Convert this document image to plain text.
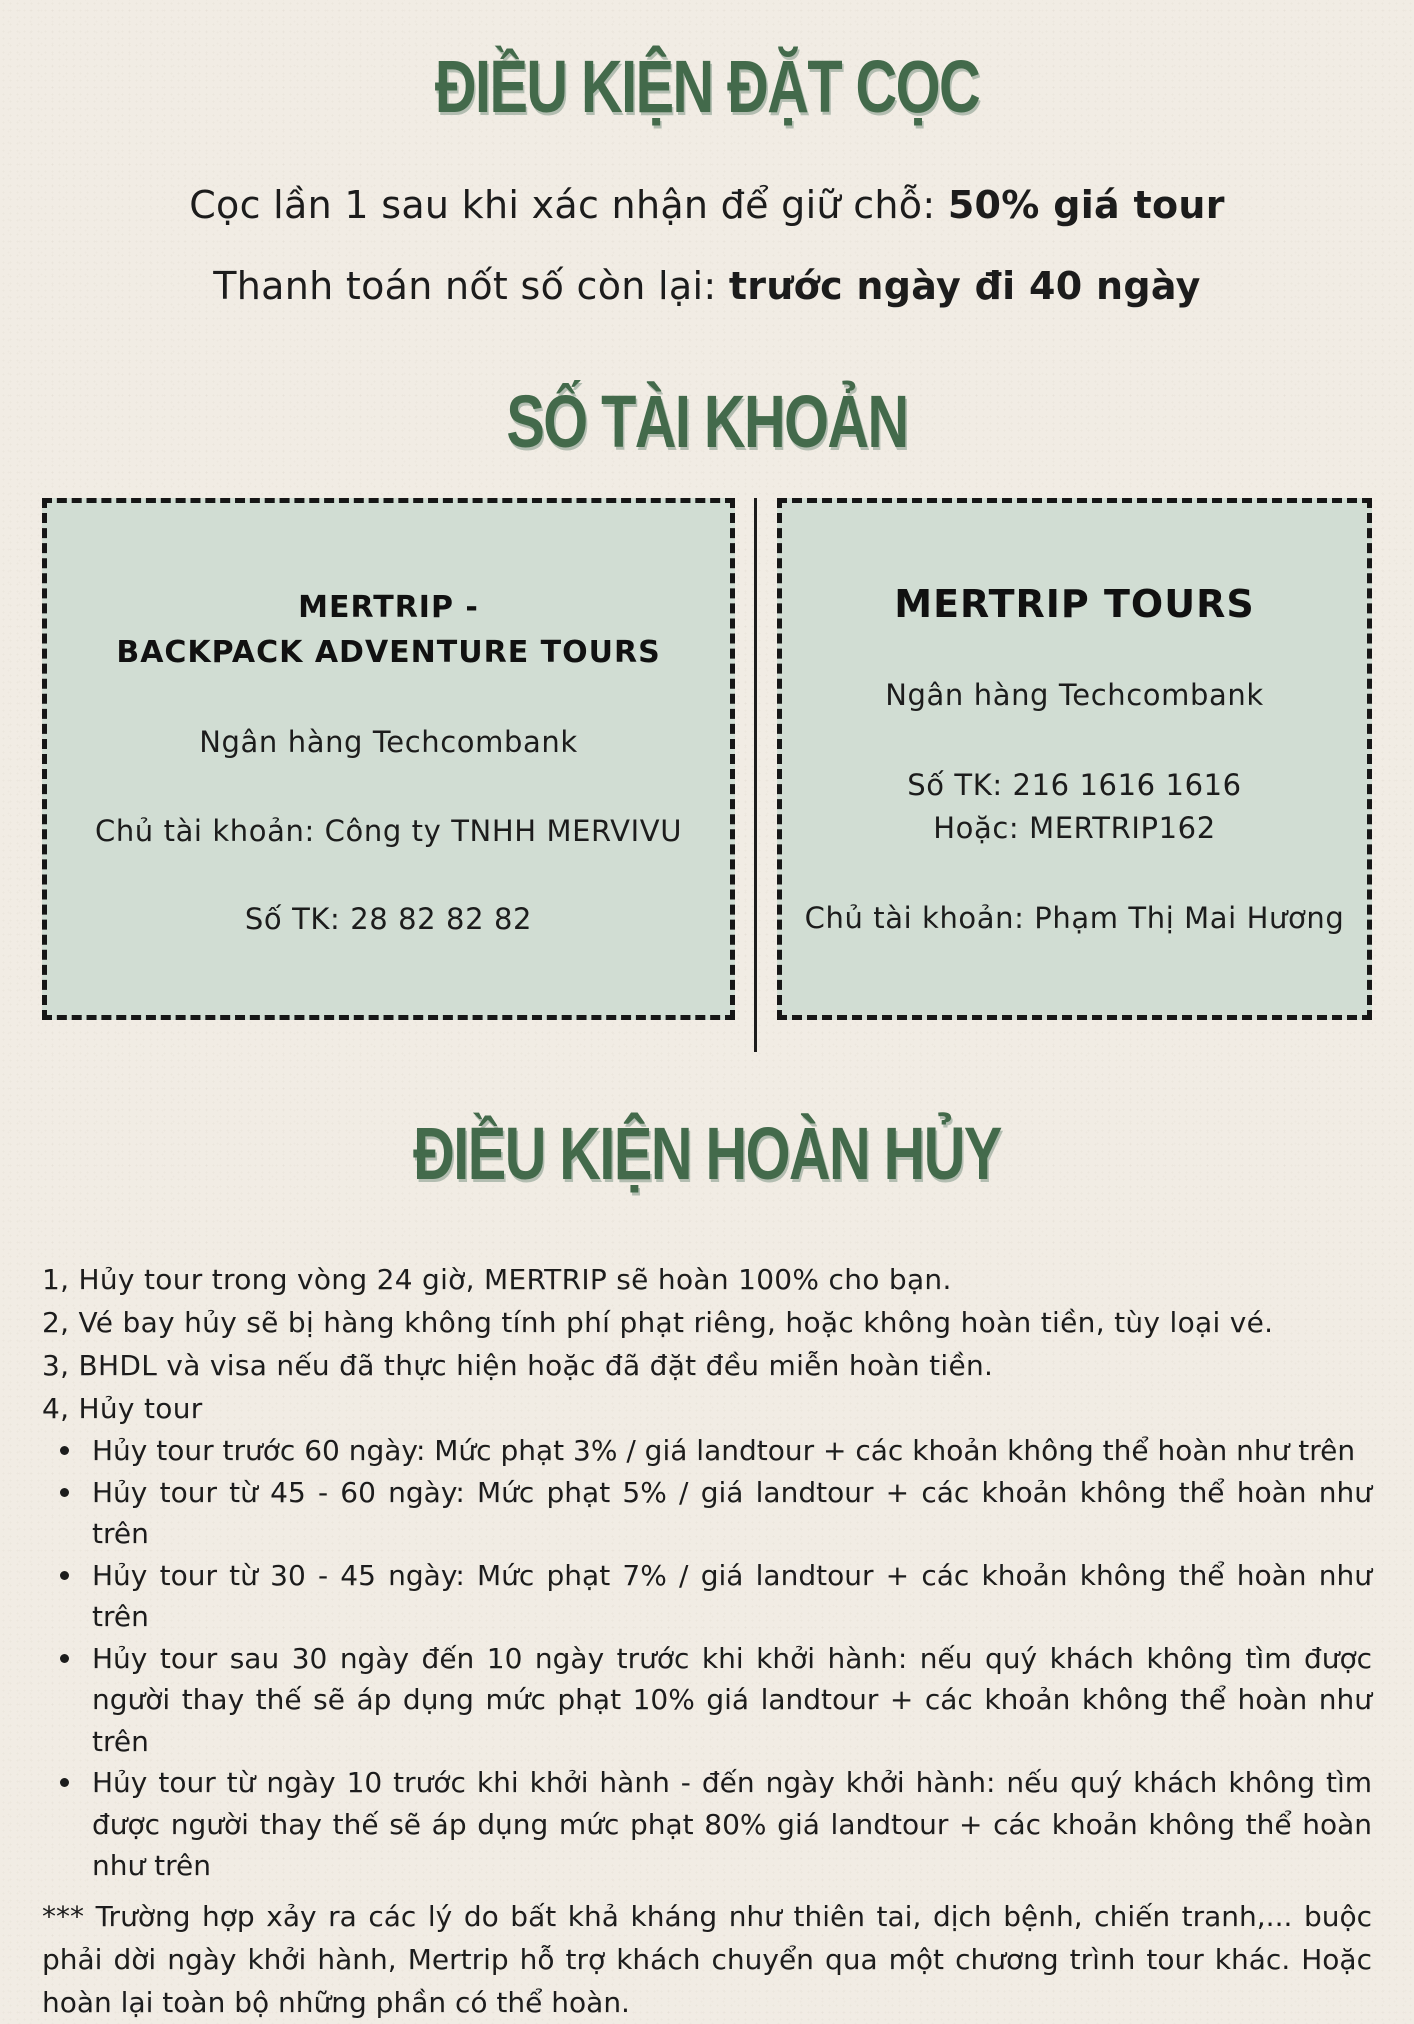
ĐIỀU KIỆN ĐẶT CỌC
Cọc lần 1 sau khi xác nhận để giữ chỗ: 50% giá tour
Thanh toán nốt số còn lại: trước ngày đi 40 ngày
SỐ TÀI KHOẢN
MERTRIP -
BACKPACK ADVENTURE TOURS
Ngân hàng Techcombank
Chủ tài khoản: Công ty TNHH MERVIVU
Số TK: 28 82 82 82
MERTRIP TOURS
Ngân hàng Techcombank
Số TK: 216 1616 1616
Hoặc: MERTRIP162
Chủ tài khoản: Phạm Thị Mai Hương
ĐIỀU KIỆN HOÀN HỦY
1, Hủy tour trong vòng 24 giờ, MERTRIP sẽ hoàn 100% cho bạn.
2, Vé bay hủy sẽ bị hàng không tính phí phạt riêng, hoặc không hoàn tiền, tùy loại vé.
3, BHDL và visa nếu đã thực hiện hoặc đã đặt đều miễn hoàn tiền.
4, Hủy tour
Hủy tour trước 60 ngày: Mức phạt 3% / giá landtour + các khoản không thể hoàn như trên
Hủy tour từ 45 - 60 ngày: Mức phạt 5% / giá landtour + các khoản không thể hoàn như trên
Hủy tour từ 30 - 45 ngày: Mức phạt 7% / giá landtour + các khoản không thể hoàn như trên
Hủy tour sau 30 ngày đến 10 ngày trước khi khởi hành: nếu quý khách không tìm được người thay thế sẽ áp dụng mức phạt 10% giá landtour + các khoản không thể hoàn như trên
Hủy tour từ ngày 10 trước khi khởi hành - đến ngày khởi hành: nếu quý khách không tìm được người thay thế sẽ áp dụng mức phạt 80% giá landtour + các khoản không thể hoàn như trên
*** Trường hợp xảy ra các lý do bất khả kháng như thiên tai, dịch bệnh, chiến tranh,... buộc phải dời ngày khởi hành, Mertrip hỗ trợ khách chuyển qua một chương trình tour khác. Hoặc hoàn lại toàn bộ những phần có thể hoàn.
